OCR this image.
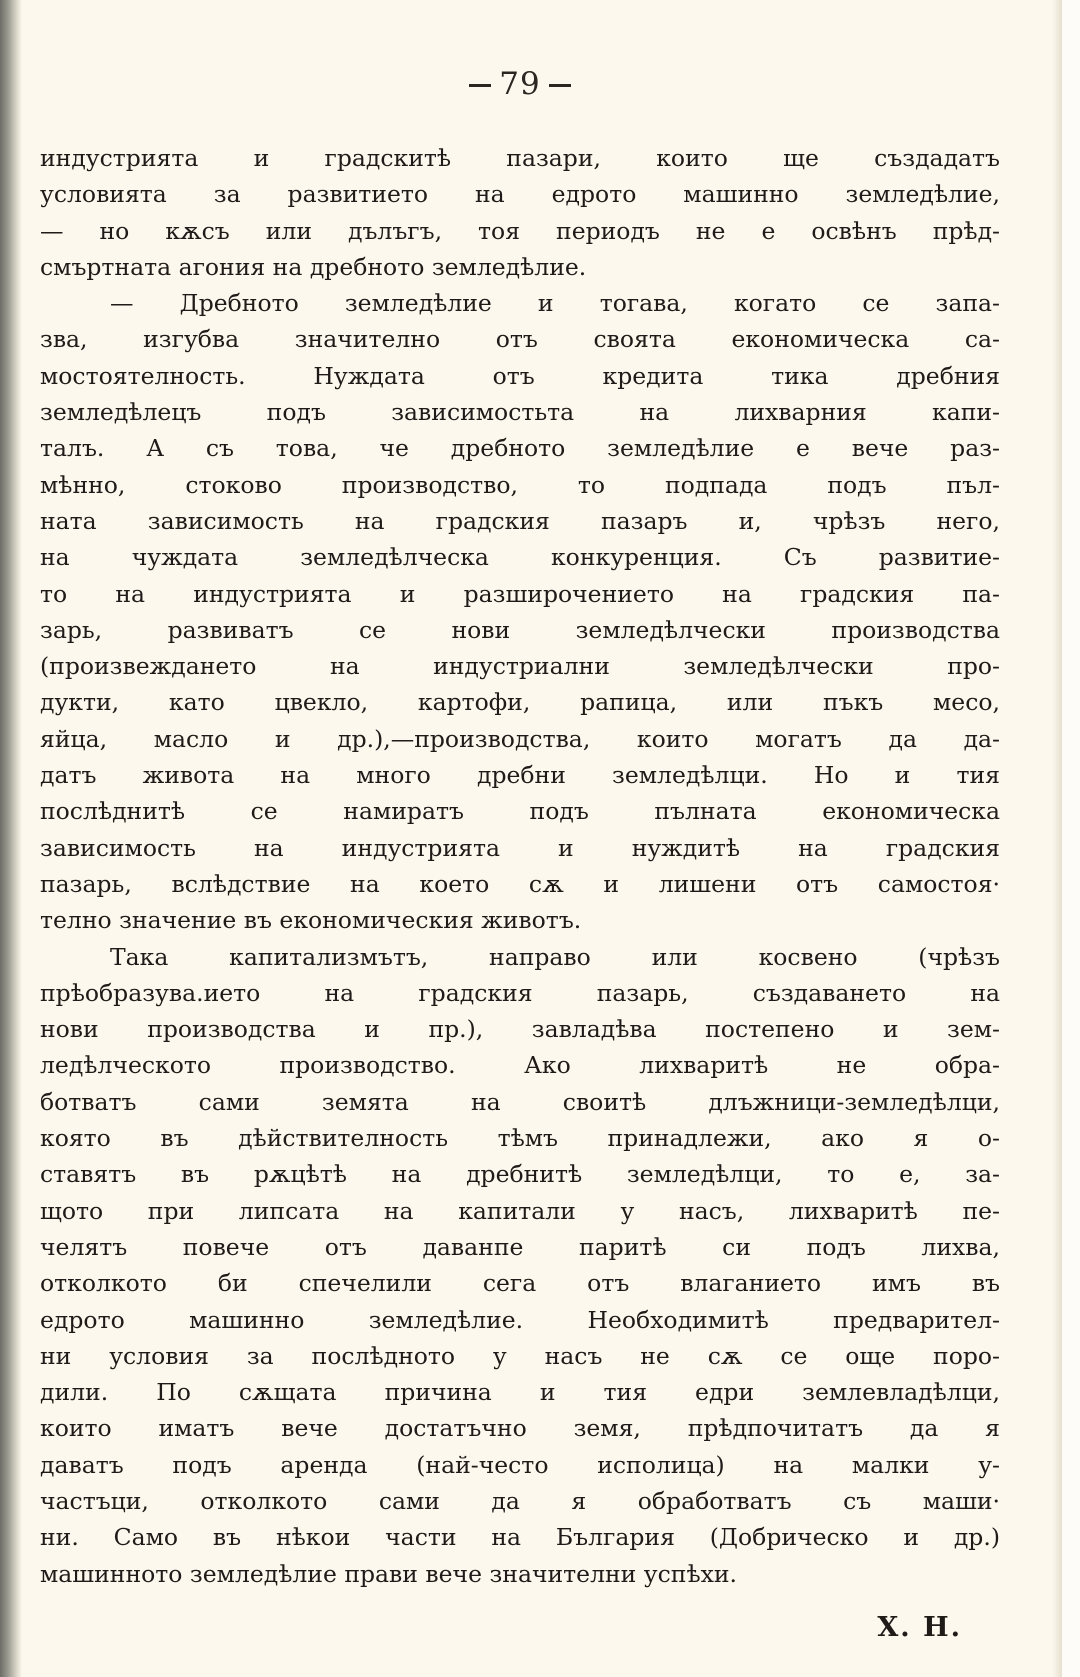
79
индустрията и градскитѣ пазари, които ще създадатъ
условията за развитието на едрото машинно земледѣлие,
— но кѫсъ или дълъгъ, тоя периодъ не е освѣнъ прѣд-
смъртната агония на дребното земледѣлие.
— Дребното земледѣлие и тогава, когато се запа-
зва, изгубва значително отъ своята економическа са-
мостоятелность. Нуждата отъ кредита тика дребния
земледѣлецъ подъ зависимостьта на лихварния капи-
талъ. А съ това, че дребното земледѣлие е вече раз-
мѣнно, стоково производство, то подпада подъ пъл-
ната зависимость на градския пазаръ и, чрѣзъ него,
на чуждата земледѣлческа конкуренция. Съ развитие-
то на индустрията и разширочението на градския па-
зарь, развиватъ се нови земледѣлчески производства
(произвеждането на индустриални земледѣлчески про-
дукти, като цвекло, картофи, рапица, или пъкъ месо,
яйца, масло и др.),—производства, които могатъ да да-
датъ живота на много дребни земледѣлци. Но и тия
послѣднитѣ се намиратъ подъ пълната економическа
зависимость на индустрията и нуждитѣ на градския
пазарь, вслѣдствие на което сѫ и лишени отъ самостоя·
телно значение въ економическия животъ.
Така капитализмътъ, направо или косвено (чрѣзъ
прѣобразува.ието на градския пазарь, създаването на
нови производства и пр.), завладѣва постепено и зем-
ледѣлческото производство. Ако лихваритѣ не обра-
ботватъ сами земята на своитѣ длъжници-земледѣлци,
която въ дѣйствителность тѣмъ принадлежи, ако я о-
ставятъ въ рѫцѣтѣ на дребнитѣ земледѣлци, то е, за-
щото при липсата на капитали у насъ, лихваритѣ пе-
челятъ повече отъ даванпе паритѣ си подъ лихва,
отколкото би спечелили сега отъ влаганието имъ въ
едрото машинно земледѣлие. Необходимитѣ предварител-
ни условия за послѣдното у насъ не сѫ се още поро-
дили. По сѫщата причина и тия едри землевладѣлци,
които иматъ вече достатъчно земя, прѣдпочитатъ да я
даватъ подъ аренда (най-често исполица) на малки у-
частъци, отколкото сами да я обработватъ съ маши·
ни. Само въ нѣкои части на България (Добрическо и др.)
машинното земледѣлие прави вече значителни успѣхи.
Х. Н.
